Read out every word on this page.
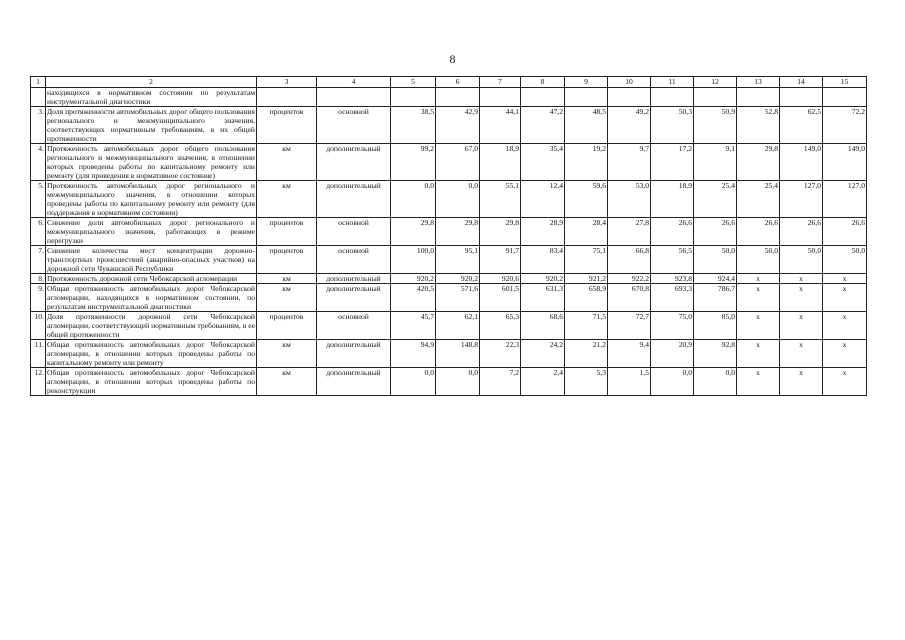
8
1	2	3	4	5	6	7	8	9	10	11	12	13	14	15
	находящихся в нормативном состоянии по результатам инструментальной диагностики													
3.	Доля протяженности автомобильных дорог общего пользования регионального и межмуниципального значения, соответствующих нормативным требованиям, в их общей протяженности	процентов	основной	38,5	42,9	44,1	47,2	48,5	49,2	50,3	50,9	52,8	62,5	72,2
4.	Протяженность автомобильных дорог общего пользования регионального и межмуниципального значения, в отношении которых проведены работы по капитальному ремонту или ремонту (для приведения в нормативное состояние)	км	дополнительный	99,2	67,0	18,9	35,4	19,2	9,7	17,2	9,1	29,8	149,0	149,0
5.	Протяженность автомобильных дорог регионального и межмуниципального значения, в отношении которых проведены работы по капитальному ремонту или ремонту (для поддержания в нормативном состоянии)	км	дополнительный	0,0	0,0	55,1	12,4	59,6	53,0	18,9	25,4	25,4	127,0	127,0
6.	Снижение доли автомобильных дорог регионального и межмуниципального значения, работающих в режиме перегрузки	процентов	основной	29,8	29,8	29,8	28,9	28,4	27,8	26,6	26,6	26,6	26,6	26,6
7.	Снижение количества мест концентрации дорожно-транспортных происшествий (аварийно-опасных участков) на дорожной сети Чувашской Республики	процентов	основной	100,0	95,1	91,7	83,4	75,1	66,8	56,5	50,0	50,0	50,0	50,0
8.	Протяженность дорожной сети Чебоксарской агломерации	км	дополнительный	920,2	920,2	920,6	920,2	921,2	922,2	923,8	924,4	x	x	x
9.	Общая протяженность автомобильных дорог Чебоксарской агломерации, находящихся в нормативном состоянии, по результатам инструментальной диагностики	км	дополнительный	420,5	571,6	601,5	631,3	658,9	670,8	693,3	786,7	x	x	x
10.	Доля протяженности дорожной сети Чебоксарской агломерации, соответствующей нормативным требованиям, в ее общей протяженности	процентов	основной	45,7	62,1	65,3	68,6	71,5	72,7	75,0	85,0	x	x	x
11.	Общая протяженность автомобильных дорог Чебоксарской агломерации, в отношении которых проведены работы по капитальному ремонту или ремонту	км	дополнительный	94,9	148,8	22,3	24,2	21,2	9,4	20,9	92,8	x	x	x
12.	Общая протяженность автомобильных дорог Чебоксарской агломерации, в отношении которых проведены работы по реконструкции	км	дополнительный	0,0	0,0	7,2	2,4	5,3	1,5	0,0	0,0	x	x	x
